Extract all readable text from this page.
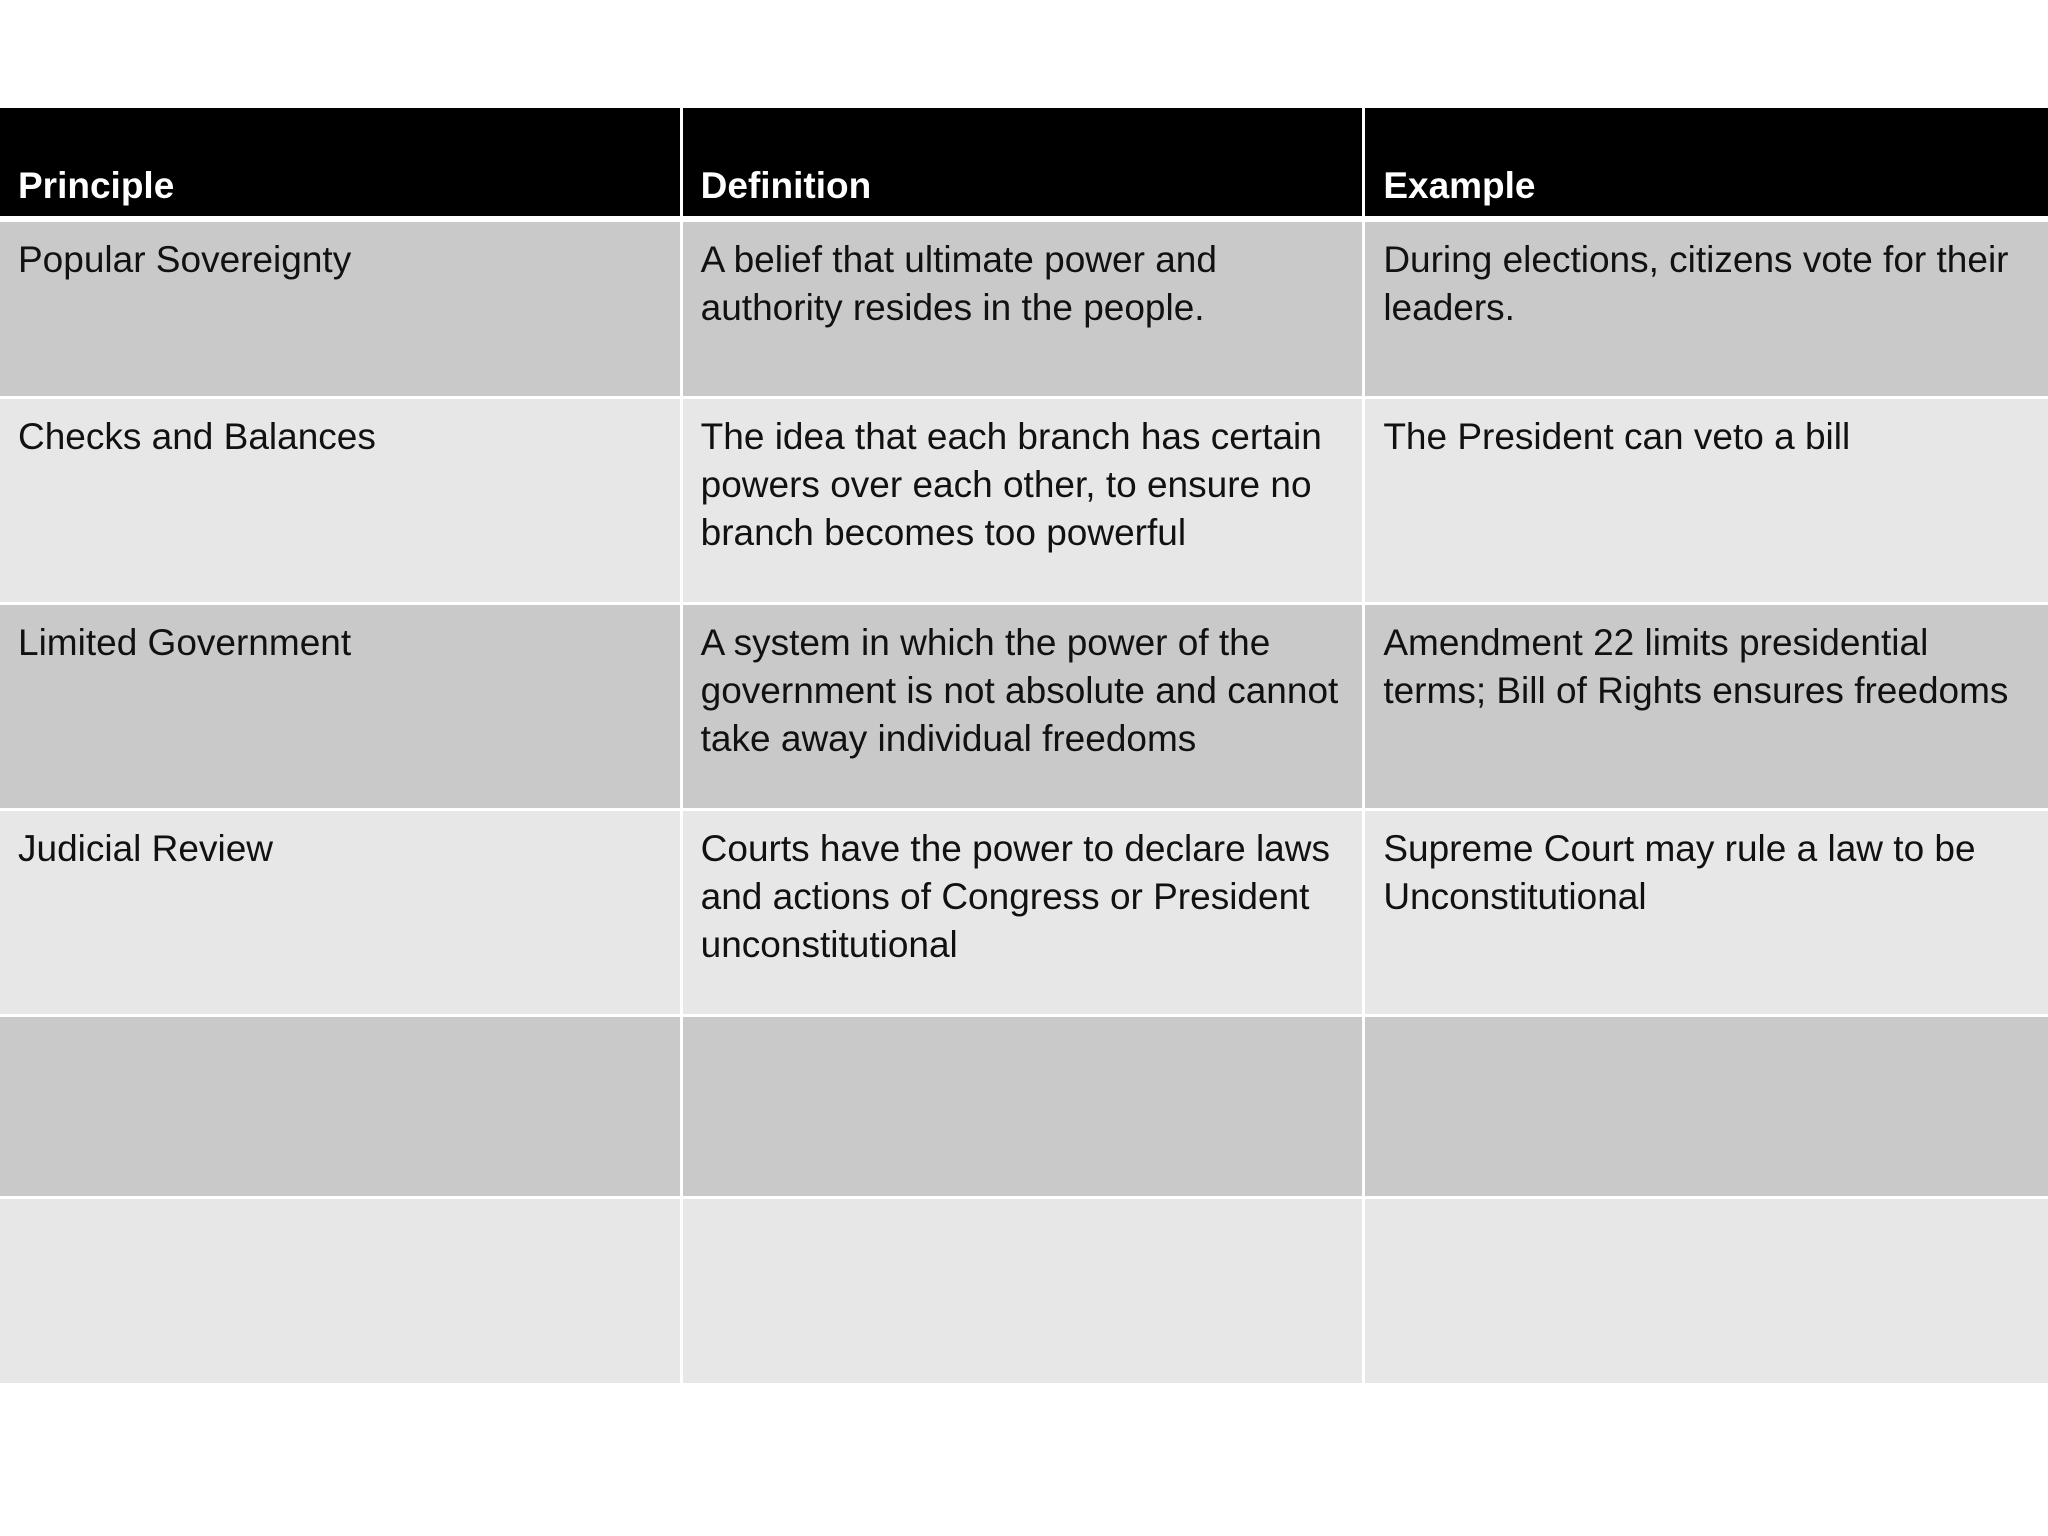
Principle	Definition	Example
Popular Sovereignty	A belief that ultimate power and authority resides in the people.	During elections, citizens vote for their leaders.
Checks and Balances	The idea that each branch has certain powers over each other, to ensure no branch becomes too powerful	The President can veto a bill
Limited Government	A system in which the power of the government is not absolute and cannot take away individual freedoms	Amendment 22 limits presidential terms; Bill of Rights ensures freedoms
Judicial Review	Courts have the power to declare laws and actions of Congress or President unconstitutional	Supreme Court may rule a law to be Unconstitutional
